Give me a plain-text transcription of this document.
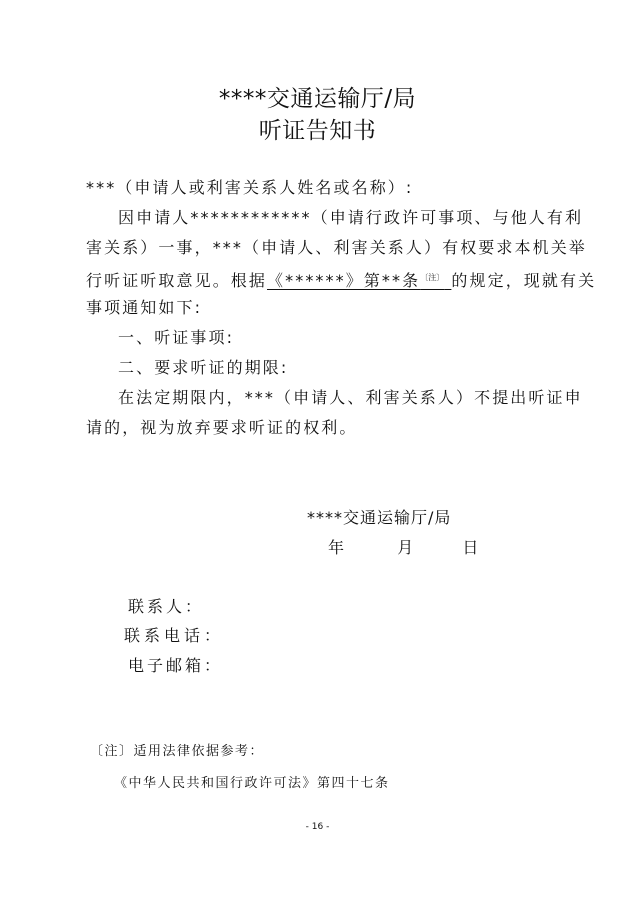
****交通运输厅/局
听证告知书
***（申请人或利害关系人姓名或名称）:
因申请人************（申请行政许可事项、与他人有利
害关系）一事，***（申请人、利害关系人）有权要求本机关举
行听证听取意见。根据《******》第**条$^{〔注〕}$ 的规定，现就有关
事项通知如下:
一、听证事项:
二、要求听证的期限:
在法定期限内，***（申请人、利害关系人）不提出听证申
请的，视为放弃要求听证的权利。
****交通运输厅/局
年	月	日
联系人：
联系电话：
电子邮箱：
〔注〕适用法律依据参考：
《中华人民共和国行政许可法》第四十七条
- 16 -
